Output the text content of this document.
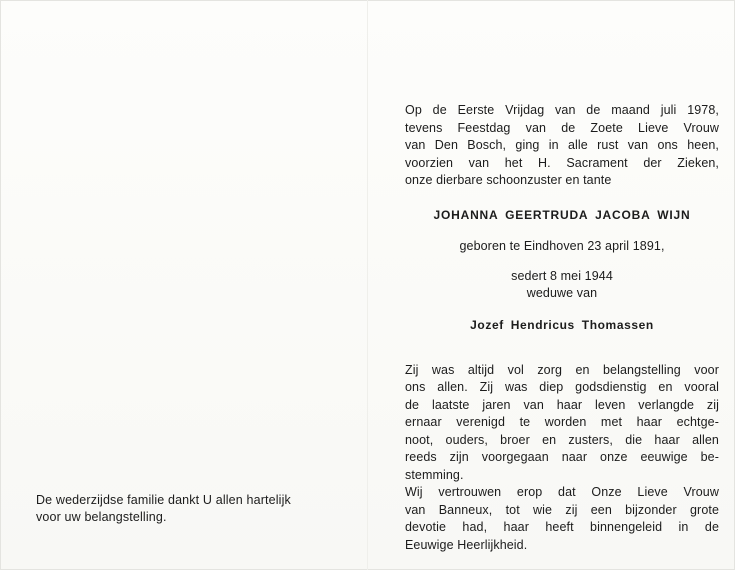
De wederzijdse familie dankt U allen hartelijk
voor uw belangstelling.
Op de Eerste Vrijdag van de maand juli 1978,
tevens Feestdag van de Zoete Lieve Vrouw
van Den Bosch, ging in alle rust van ons heen,
voorzien van het H. Sacrament der Zieken,
onze dierbare schoonzuster en tante
JOHANNA GEERTRUDA JACOBA WIJN
geboren te Eindhoven 23 april 1891,
sedert 8 mei 1944
weduwe van
Jozef Hendricus Thomassen
Zij was altijd vol zorg en belangstelling voor
ons allen. Zij was diep godsdienstig en vooral
de laatste jaren van haar leven verlangde zij
ernaar verenigd te worden met haar echtge-
noot, ouders, broer en zusters, die haar allen
reeds zijn voorgegaan naar onze eeuwige be-
stemming.
Wij vertrouwen erop dat Onze Lieve Vrouw
van Banneux, tot wie zij een bijzonder grote
devotie had, haar heeft binnengeleid in de
Eeuwige Heerlijkheid.
